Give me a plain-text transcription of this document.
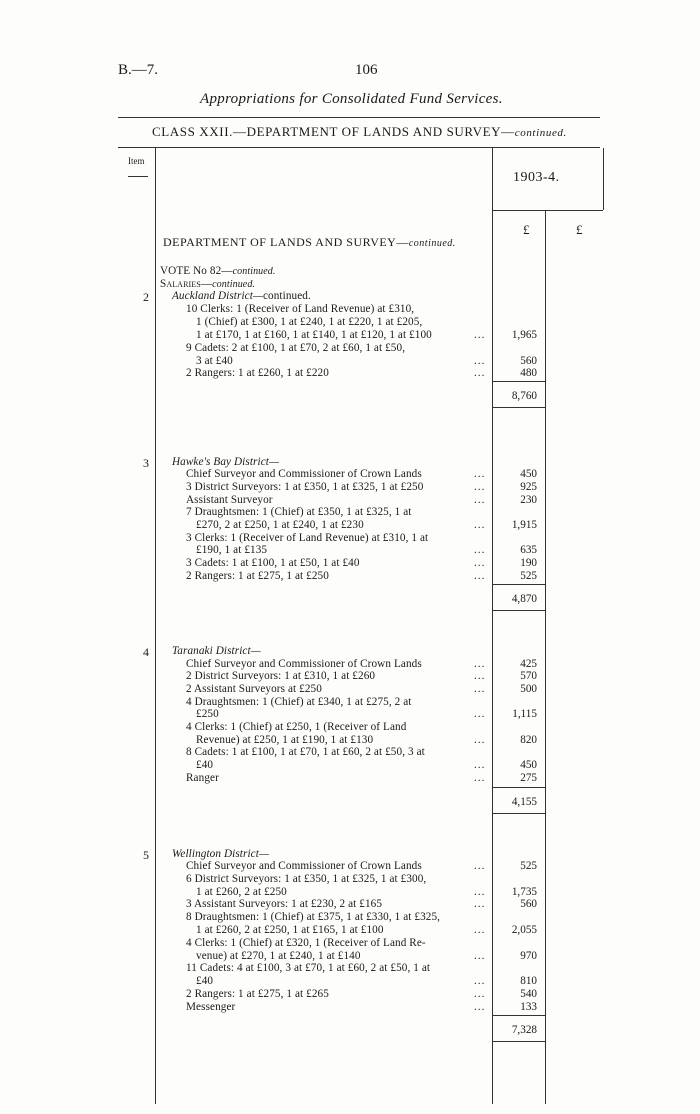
B.—7.	106
Appropriations for Consolidated Fund Services.
CLASS XXII.—DEPARTMENT OF LANDS AND SURVEY—continued.
Item
1903-4.
£	£
DEPARTMENT OF LANDS AND SURVEY—continued.
VOTE No 82—continued.
Salaries—continued.
2 Auckland District—continued.
10 Clerks: 1 (Receiver of Land Revenue) at £310,
1 (Chief) at £300, 1 at £240, 1 at £220, 1 at £205,
1 at £170, 1 at £160, 1 at £140, 1 at £120, 1 at £100
9 Cadets: 2 at £100, 1 at £70, 2 at £60, 1 at £50,
3 at £40
2 Rangers: 1 at £260, 1 at £220
...
...
...
1,965
560
480
8,760
3 Hawke's Bay District—
Chief Surveyor and Commissioner of Crown Lands
3 District Surveyors: 1 at £350, 1 at £325, 1 at £250
Assistant Surveyor
7 Draughtsmen: 1 (Chief) at £350, 1 at £325, 1 at
£270, 2 at £250, 1 at £240, 1 at £230
3 Clerks: 1 (Receiver of Land Revenue) at £310, 1 at
£190, 1 at £135
3 Cadets: 1 at £100, 1 at £50, 1 at £40
2 Rangers: 1 at £275, 1 at £250
...
...
...
...
...
...
...
450
925
230
1,915
635
190
525
4,870
4 Taranaki District—
Chief Surveyor and Commissioner of Crown Lands
2 District Surveyors: 1 at £310, 1 at £260
2 Assistant Surveyors at £250
4 Draughtsmen: 1 (Chief) at £340, 1 at £275, 2 at
£250
4 Clerks: 1 (Chief) at £250, 1 (Receiver of Land
Revenue) at £250, 1 at £190, 1 at £130
8 Cadets: 1 at £100, 1 at £70, 1 at £60, 2 at £50, 3 at
£40
Ranger
...
...
...
...
...
...
...
425
570
500
1,115
820
450
275
4,155
5 Wellington District—
Chief Surveyor and Commissioner of Crown Lands
6 District Surveyors: 1 at £350, 1 at £325, 1 at £300,
1 at £260, 2 at £250
3 Assistant Surveyors: 1 at £230, 2 at £165
8 Draughtsmen: 1 (Chief) at £375, 1 at £330, 1 at £325,
1 at £260, 2 at £250, 1 at £165, 1 at £100
4 Clerks: 1 (Chief) at £320, 1 (Receiver of Land Re-
venue) at £270, 1 at £240, 1 at £140
11 Cadets: 4 at £100, 3 at £70, 1 at £60, 2 at £50, 1 at
£40
2 Rangers: 1 at £275, 1 at £265
Messenger
...
...
...
...
...
...
...
...
525
1,735
560
2,055
970
810
540
133
7,328
